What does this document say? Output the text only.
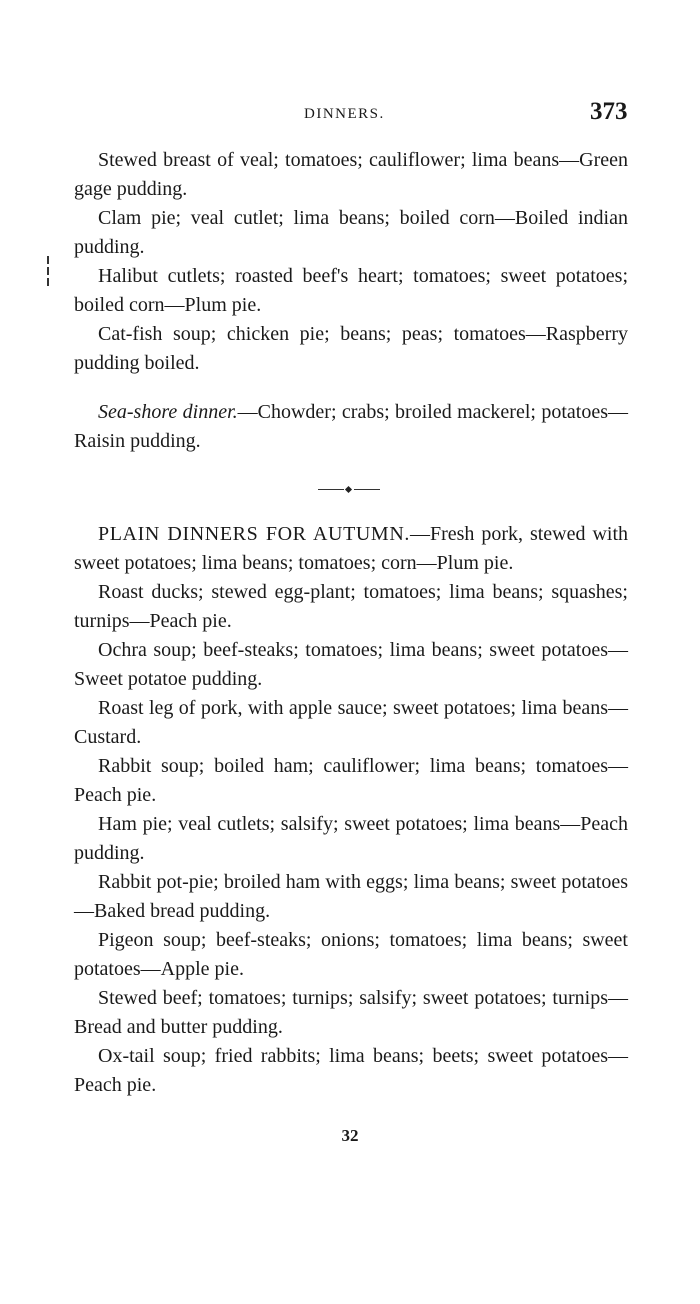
DINNERS.	373

Stewed breast of veal; tomatoes; cauliflower; lima beans—Green gage pudding.

Clam pie; veal cutlet; lima beans; boiled corn—Boiled indian pudding.

Halibut cutlets; roasted beef's heart; tomatoes; sweet potatoes; boiled corn—Plum pie.

Cat-fish soup; chicken pie; beans; peas; tomatoes—Raspberry pudding boiled.

Sea-shore dinner.—Chowder; crabs; broiled mackerel; potatoes—Raisin pudding.

PLAIN DINNERS FOR AUTUMN.—Fresh pork, stewed with sweet potatoes; lima beans; tomatoes; corn—Plum pie.

Roast ducks; stewed egg-plant; tomatoes; lima beans; squashes; turnips—Peach pie.

Ochra soup; beef-steaks; tomatoes; lima beans; sweet potatoes—Sweet potatoe pudding.

Roast leg of pork, with apple sauce; sweet potatoes; lima beans—Custard.

Rabbit soup; boiled ham; cauliflower; lima beans; tomatoes—Peach pie.

Ham pie; veal cutlets; salsify; sweet potatoes; lima beans—Peach pudding.

Rabbit pot-pie; broiled ham with eggs; lima beans; sweet potatoes—Baked bread pudding.

Pigeon soup; beef-steaks; onions; tomatoes; lima beans; sweet potatoes—Apple pie.

Stewed beef; tomatoes; turnips; salsify; sweet potatoes; turnips—Bread and butter pudding.

Ox-tail soup; fried rabbits; lima beans; beets; sweet potatoes—Peach pie.

32
